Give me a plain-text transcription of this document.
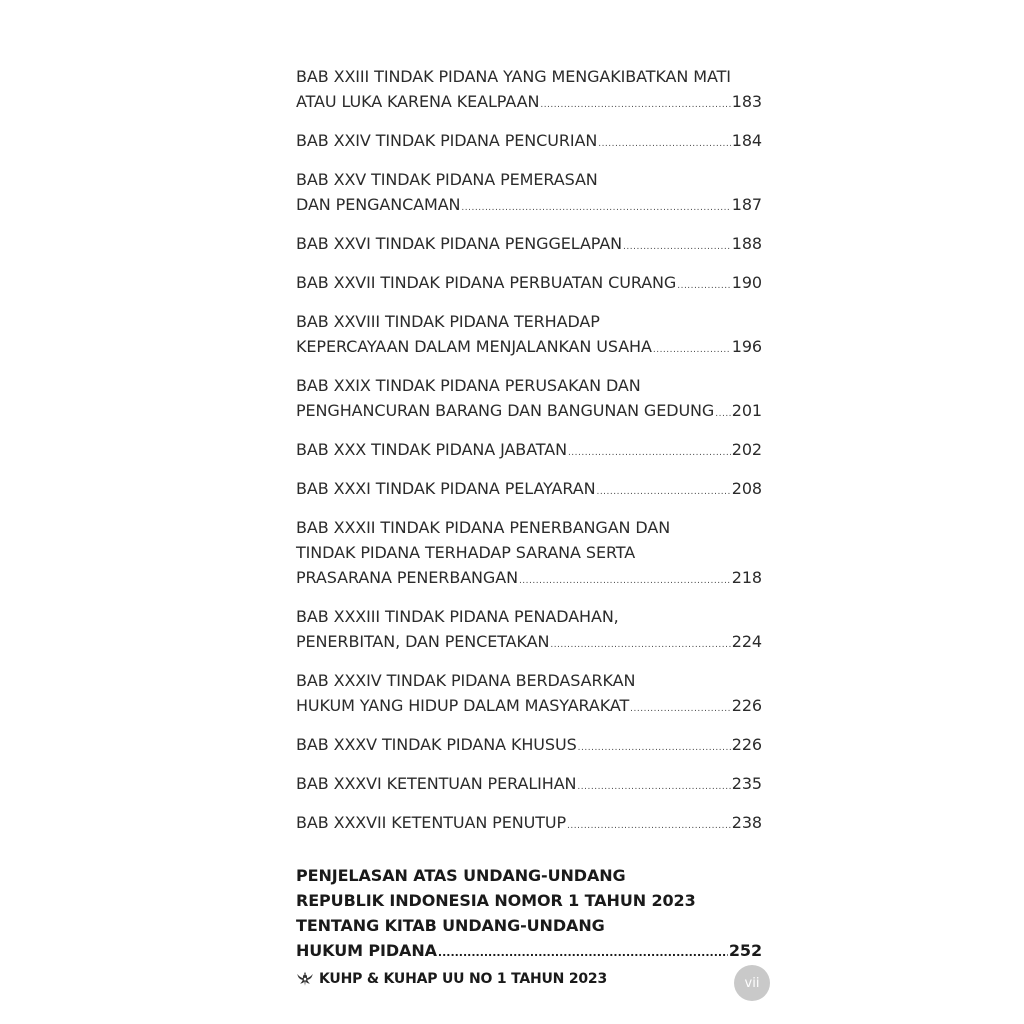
BAB XXIII TINDAK PIDANA YANG MENGAKIBATKAN MATI
ATAU LUKA KARENA KEALPAAN .....	183
BAB XXIV TINDAK PIDANA PENCURIAN .....	184
BAB XXV TINDAK PIDANA PEMERASAN
DAN PENGANCAMAN .....	187
BAB XXVI TINDAK PIDANA PENGGELAPAN .....	188
BAB XXVII TINDAK PIDANA PERBUATAN CURANG .....	190
BAB XXVIII TINDAK PIDANA TERHADAP
KEPERCAYAAN DALAM MENJALANKAN USAHA .....	196
BAB XXIX TINDAK PIDANA PERUSAKAN DAN
PENGHANCURAN BARANG DAN BANGUNAN GEDUNG ..... 201
BAB XXX TINDAK PIDANA JABATAN .....	202
BAB XXXI TINDAK PIDANA PELAYARAN .....	208
BAB XXXII TINDAK PIDANA PENERBANGAN DAN
TINDAK PIDANA TERHADAP SARANA SERTA
PRASARANA PENERBANGAN .....	218
BAB XXXIII TINDAK PIDANA PENADAHAN,
PENERBITAN, DAN PENCETAKAN .....	224
BAB XXXIV TINDAK PIDANA BERDASARKAN
HUKUM YANG HIDUP DALAM MASYARAKAT .....	226
BAB XXXV TINDAK PIDANA KHUSUS .....	226
BAB XXXVI KETENTUAN PERALIHAN .....	235
BAB XXXVII KETENTUAN PENUTUP .....	238
PENJELASAN ATAS UNDANG-UNDANG
REPUBLIK INDONESIA NOMOR 1 TAHUN 2023
TENTANG KITAB UNDANG-UNDANG
HUKUM PIDANA .....	252
KUHP & KUHAP UU NO 1 TAHUN 2023	vii
